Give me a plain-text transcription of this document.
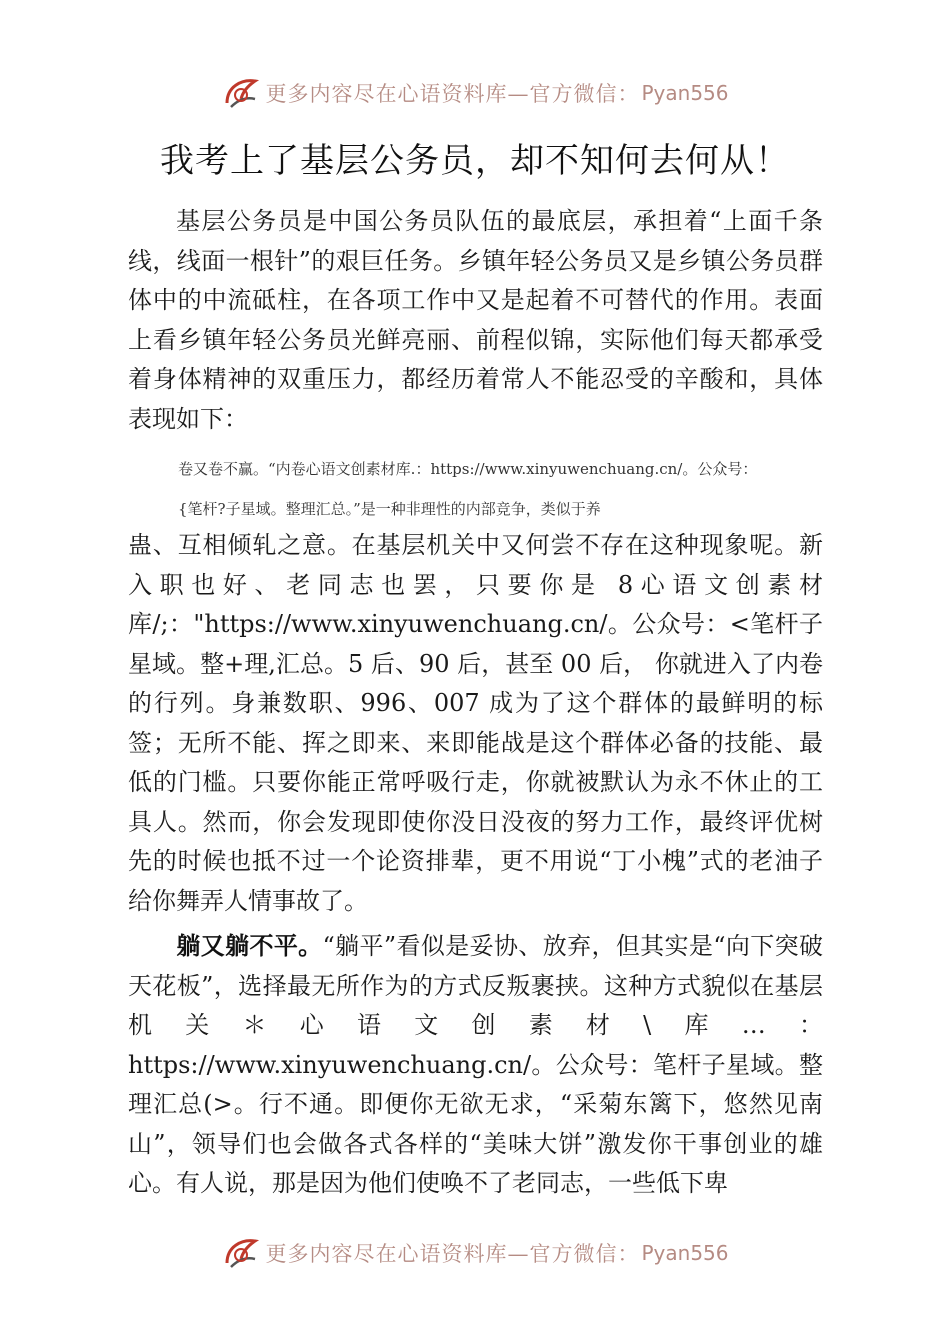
更多内容尽在心语资料库—官方微信： Pyan556
我考上了基层公务员，却不知何去何从！

基层公务员是中国公务员队伍的最底层，承担着“上面千条线，线面一根针”的艰巨任务。乡镇年轻公务员又是乡镇公务员群体中的中流砥柱，在各项工作中又是起着不可替代的作用。表面上看乡镇年轻公务员光鲜亮丽、前程似锦，实际他们每天都承受着身体精神的双重压力，都经历着常人不能忍受的辛酸和，具体表现如下：

卷又卷不赢。“内卷心语文创素材库.：https://www.xinyuwenchuang.cn/。公众号：

{笔杆?子星域。整理汇总。”是一种非理性的内部竞争，类似于养

蛊、互相倾轧之意。在基层机关中又何尝不存在这种现象呢。新入职也好、老同志也罢，只要你是 8心语文创素材库/;："https://www.xinyuwenchuang.cn/。公众号：<笔杆子星域。整+理,汇总。5 后、90 后，甚至 00 后， 你就进入了内卷的行列。身兼数职、996、007 成为了这个群体的最鲜明的标签；无所不能、挥之即来、来即能战是这个群体必备的技能、最低的门槛。只要你能正常呼吸行走，你就被默认为永不休止的工具人。然而，你会发现即使你没日没夜的努力工作，最终评优树先的时候也抵不过一个论资排辈，更不用说“丁小槐”式的老油子给你舞弄人情事故了。

躺又躺不平。“躺平”看似是妥协、放弃，但其实是“向下突破天花板”，选择最无所作为的方式反叛裹挟。这种方式貌似在基层机关＊心语文创素材\库…：https://www.xinyuwenchuang.cn/。公众号：笔杆子星域。整理汇总(>。行不通。即便你无欲无求，“采菊东篱下，悠然见南山”，领导们也会做各式各样的“美味大饼”激发你干事创业的雄心。有人说，那是因为他们使唤不了老同志，一些低下卑

更多内容尽在心语资料库—官方微信： Pyan556
